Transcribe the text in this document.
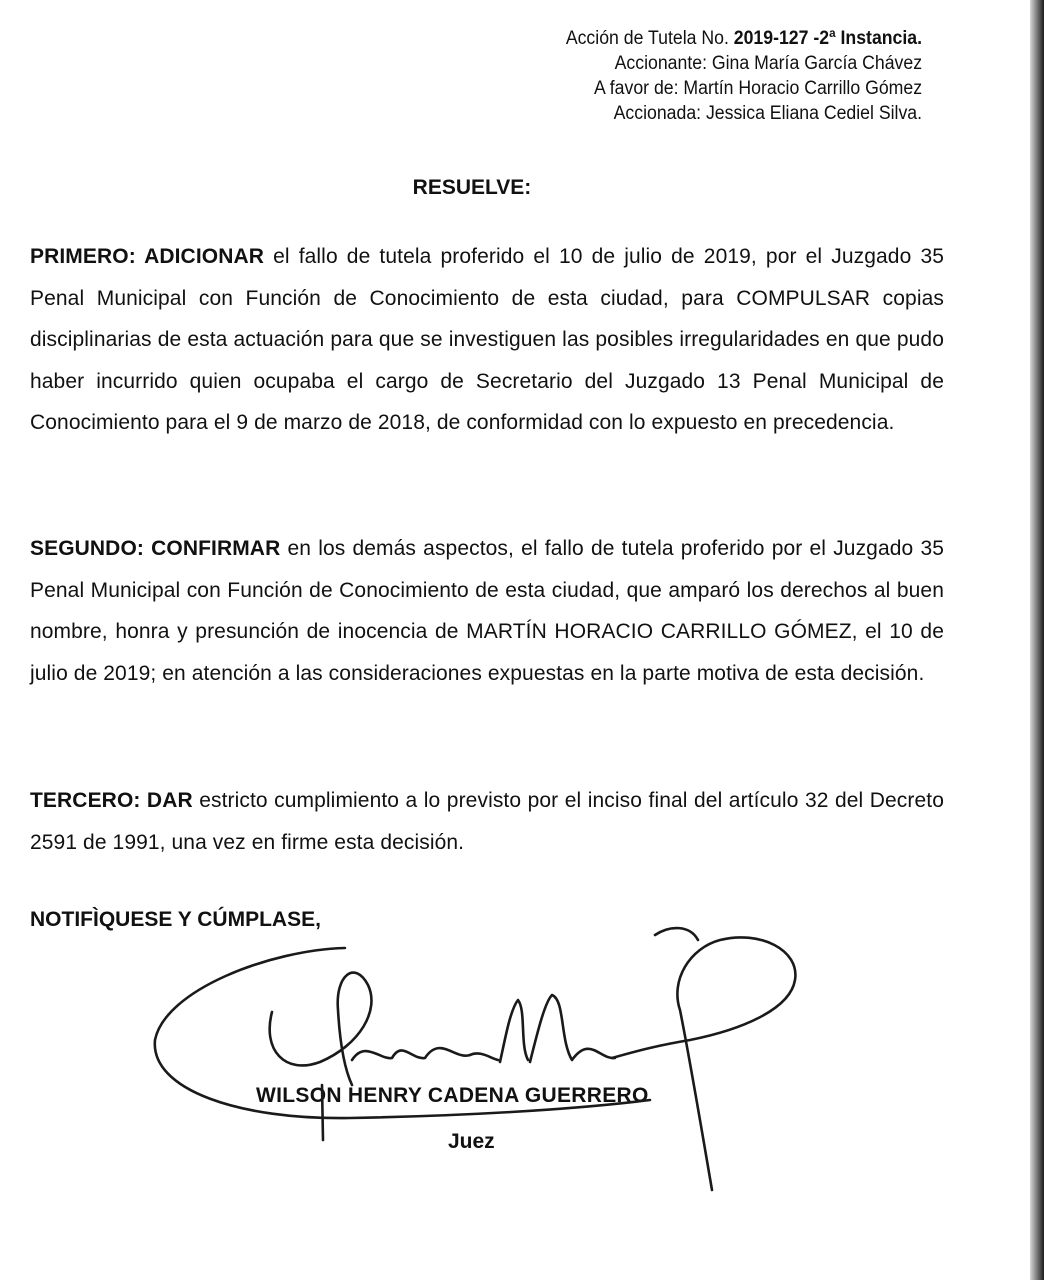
Acción de Tutela No. 2019-127 -2ª Instancia.
Accionante: Gina María García Chávez
A favor de: Martín Horacio Carrillo Gómez
Accionada: Jessica Eliana Cediel Silva.
RESUELVE:
PRIMERO: ADICIONAR el fallo de tutela proferido el 10 de julio de 2019, por el Juzgado 35 Penal Municipal con Función de Conocimiento de esta ciudad, para COMPULSAR copias disciplinarias de esta actuación para que se investiguen las posibles irregularidades en que pudo haber incurrido quien ocupaba el cargo de Secretario del Juzgado 13 Penal Municipal de Conocimiento para el 9 de marzo de 2018, de conformidad con lo expuesto en precedencia.
SEGUNDO: CONFIRMAR en los demás aspectos, el fallo de tutela proferido por el Juzgado 35 Penal Municipal con Función de Conocimiento de esta ciudad, que amparó los derechos al buen nombre, honra y presunción de inocencia de MARTÍN HORACIO CARRILLO GÓMEZ, el 10 de julio de 2019; en atención a las consideraciones expuestas en la parte motiva de esta decisión.
TERCERO: DAR estricto cumplimiento a lo previsto por el inciso final del artículo 32 del Decreto 2591 de 1991, una vez en firme esta decisión.
NOTIFÌQUESE Y CÚMPLASE,
WILSON HENRY CADENA GUERRERO
Juez
